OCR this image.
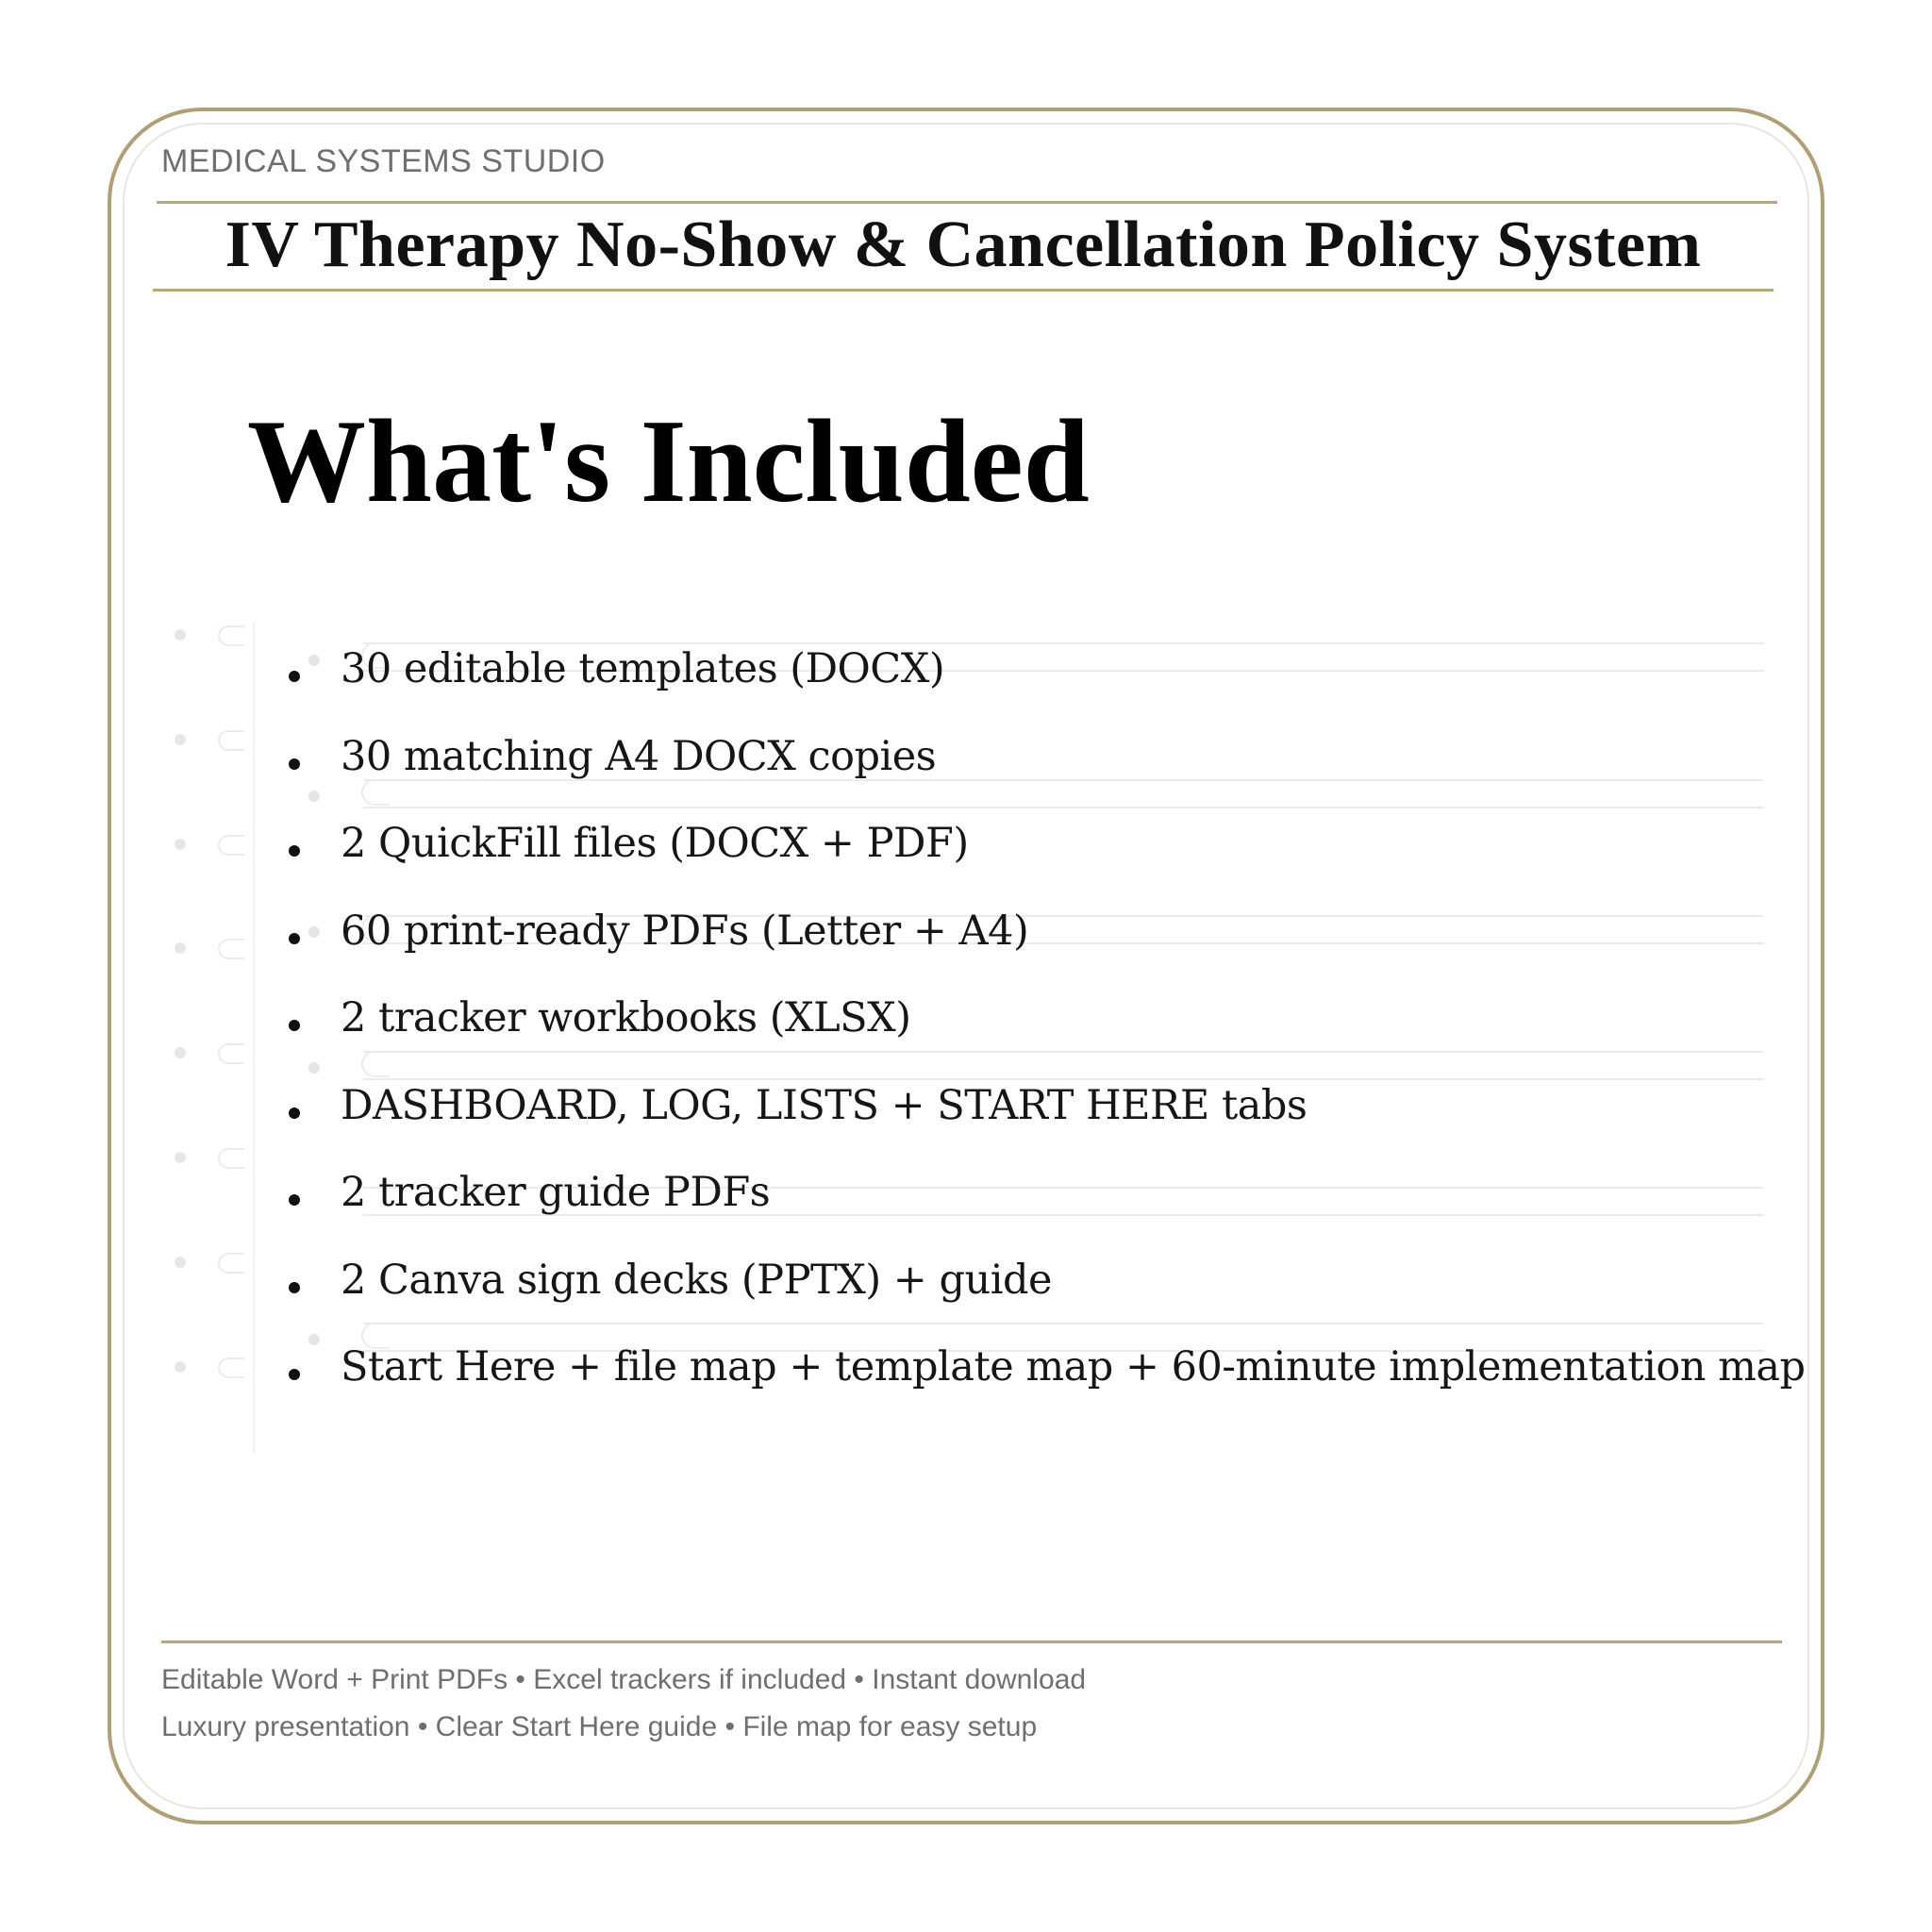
MEDICAL SYSTEMS STUDIO
IV Therapy No-Show & Cancellation Policy System
What's Included
30 editable templates (DOCX)
30 matching A4 DOCX copies
2 QuickFill files (DOCX + PDF)
60 print-ready PDFs (Letter + A4)
2 tracker workbooks (XLSX)
DASHBOARD, LOG, LISTS + START HERE tabs
2 tracker guide PDFs
2 Canva sign decks (PPTX) + guide
Start Here + file map + template map + 60-minute implementation map
Editable Word + Print PDFs • Excel trackers if included • Instant download
Luxury presentation • Clear Start Here guide • File map for easy setup
